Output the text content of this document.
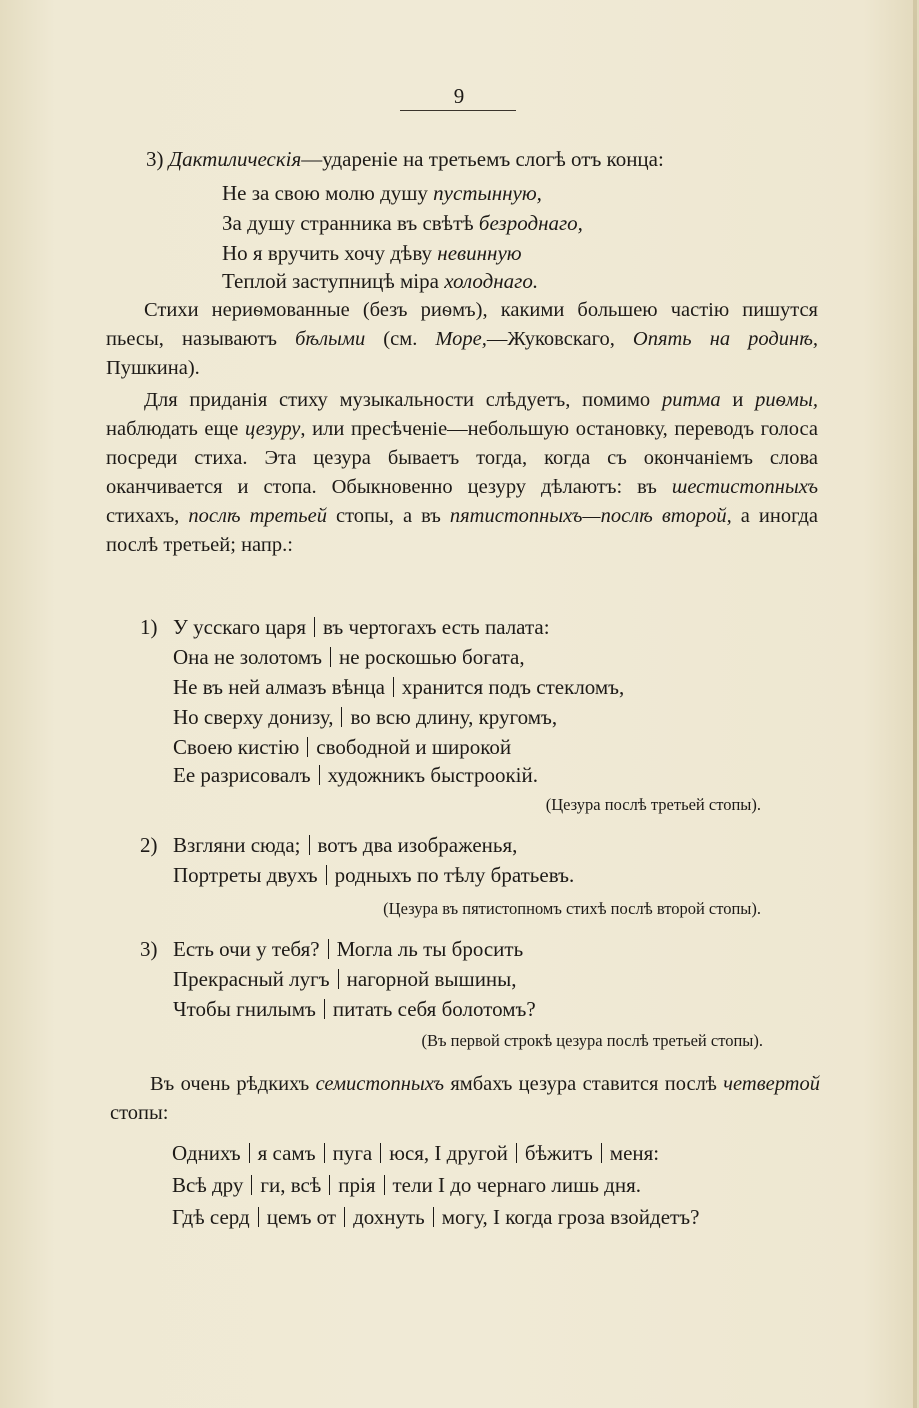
9
3) Дактилическія—удареніе на третьемъ слогѣ отъ конца:
Не за свою молю душу пустынную,
За душу странника въ свѣтѣ безроднаго,
Но я вручить хочу дѣву невинную
Теплой заступницѣ міра холоднаго.

Стихи нериѳмованные (безъ риѳмъ), какими большею частію пишутся пьесы, называютъ бѣлыми (см. Море,—Жуковскаго, Опять на родинѣ, Пушкина).

Для приданія стиху музыкальности слѣдуетъ, помимо ритма и риѳмы, наблюдать еще цезуру, или пресѣченіе—небольшую остановку, переводъ голоса посреди стиха. Эта цезура бываетъ тогда, когда съ окончаніемъ слова оканчивается и стопа. Обыкновенно цезуру дѣлаютъ: въ шестистопныхъ стихахъ, послѣ третьей стопы, а въ пятистопныхъ—послѣ второй, а иногда послѣ третьей; напр.:

1) У усскаго царя въ чертогахъ есть палата:
Она не золотомъ не роскошью богата,
Не въ ней алмазъ вѣнца хранится подъ стекломъ,
Но сверху донизу, во всю длину, кругомъ,
Своею кистію свободной и широкой
Ее разрисовалъ художникъ быстроокій.
(Цезура послѣ третьей стопы).
2) Взгляни сюда; вотъ два изображенья,
Портреты двухъ родныхъ по тѣлу братьевъ.
(Цезура въ пятистопномъ стихѣ послѣ второй стопы).
3) Есть очи у тебя? Могла ль ты бросить
Прекрасный лугъ нагорной вышины,
Чтобы гнилымъ питать себя болотомъ?
(Въ первой строкѣ цезура послѣ третьей стопы).

Въ очень рѣдкихъ семистопныхъ ямбахъ цезура ставится послѣ четвертой стопы:

Однихъ я самъ пуга юся, І другой бѣжитъ меня:
Всѣ дру ги, всѣ прія тели І до чернаго лишь дня.
Гдѣ серд цемъ от дохнуть могу, І когда гроза взойдетъ?
